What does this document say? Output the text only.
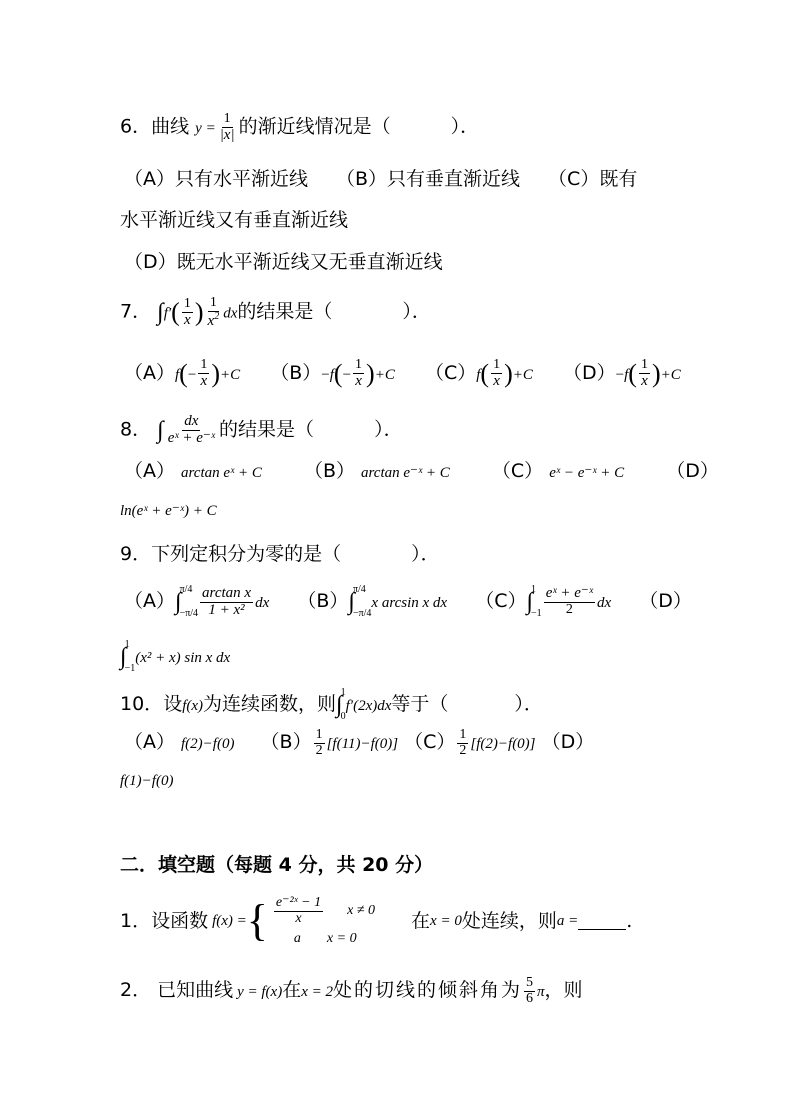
6．曲线 $y = \frac{1}{|x|}$ 的渐近线情况是（	）．
（A）只有水平渐近线 （B）只有垂直渐近线 （C）既有
水平渐近线又有垂直渐近线
（D）既无水平渐近线又无垂直渐近线
7． $\int f'( \frac{1}{x}$ ) $\frac{1}{x^2}$ dx的结果是（	）．
$(A)f(- \frac{1}{x} )+C$ $(B)-f(- \frac{1}{x} )+C$ $(C)f( \frac{1}{x} )+C$ $(D)-f( \frac{1}{x} )+C$
8． ∫ $\frac{dx}{\text{eˣ + e⁻ˣ}}$ 的结果是（	）．
（A） arctan eˣ + C （B） arctan e⁻ˣ + C （C） eˣ − e⁻ˣ + C （D）
ln(eˣ + e⁻ˣ) + C
9．下列定积分为零的是（	）．
（A）∫
π/4
$-\pi/4 \frac{\text{arctan x}}{\text{1 + x²}}$ dx （B）∫
π/4
−π/4
x arcsin x dx （C）∫
1
$-1 \frac{\text{eˣ + e⁻ˣ}}{2}$ dx （D）
∫
1
−1
(x² + x) sin x dx
10．设f(x)为连续函数，则∫
1
0
f′(2x)dx等于（	）．
（A） f(2)−f(0) $(B) \frac{1}{2} [f(11)-f(0)]$ $(C) \frac{1}{2} [f(2)-f(0)]$ （D）
f(1)−f(0)
二．填空题（每题 4 分，共 20 分）
1． 设函数 f(x) = { $\frac{\text{e⁻²ˣ − 1}}{x}$ x ≠ 0
a x = 0
在 x = 0 处连续，则 a =	.
2． 已知曲线 y = f(x)在x = 2处的切线的倾斜角为 $\frac{5}{6}$ π，则
